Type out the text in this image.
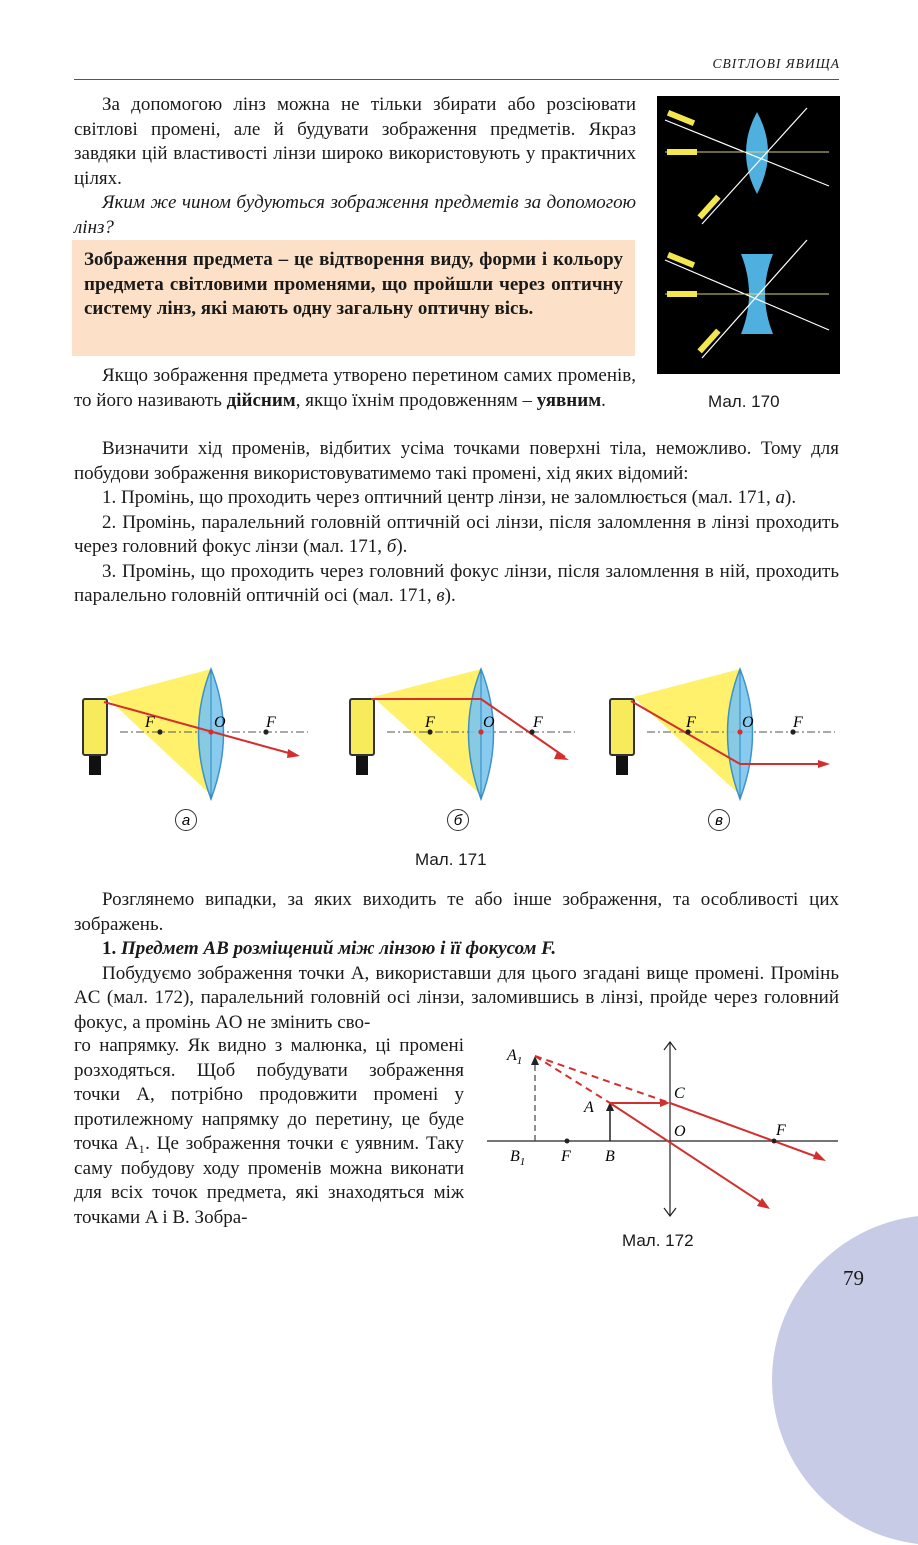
СВІТЛОВІ ЯВИЩА

За допомогою лінз можна не тільки збирати або розсіювати світлові промені, але й будувати зображення предметів. Якраз завдяки цій властивості лінзи широко використовують у практичних цілях.

Яким же чином будуються зображення предметів за допомогою лінз?

Зображення предмета – це відтворення виду, форми і кольору предмета світловими променями, що пройшли через оптичну систему лінз, які мають одну загальну оптичну вісь.

Якщо зображення предмета утворено перетином самих променів, то його називають дійсним, якщо їхнім продовженням – уявним.	Мал. 170

Визначити хід променів, відбитих усіма точками поверхні тіла, неможливо. Тому для побудови зображення використовуватимемо такі промені, хід яких відомий:

1. Промінь, що проходить через оптичний центр лінзи, не заломлюється (мал. 171, а).

2. Промінь, паралельний головній оптичній осі лінзи, після заломлення в лінзі проходить через головний фокус лінзи (мал. 171, б).

3. Промінь, що проходить через головний фокус лінзи, після заломлення в ній, проходить паралельно головній оптичній осі (мал. 171, в).

F	O	F
а
F	O F
б
F	O F
в
Мал. 171

Розглянемо випадки, за яких виходить те або інше зображення, та особливості цих зображень.

1. Предмет AB розміщений між лінзою і її фокусом F.

Побудуємо зображення точки A, використавши для цього згадані вище промені. Промінь AC (мал. 172), паралельний головній осі лінзи, заломившись в лінзі, пройде через головний фокус, а промінь AO не змінить сво-

го напрямку. Як видно з малюнка, ці промені розходяться. Щоб побудувати зображення точки A, потрібно продовжити промені у протилежному напрямку до перетину, це буде точка A₁. Це зображення точки є уявним. Таку саму побудову ходу променів можна виконати для всіх точок предмета, які знаходяться між точками A і B. Зобра-

$A_1$
A
C
O	F
$B_1$ F B
Мал. 172
79
